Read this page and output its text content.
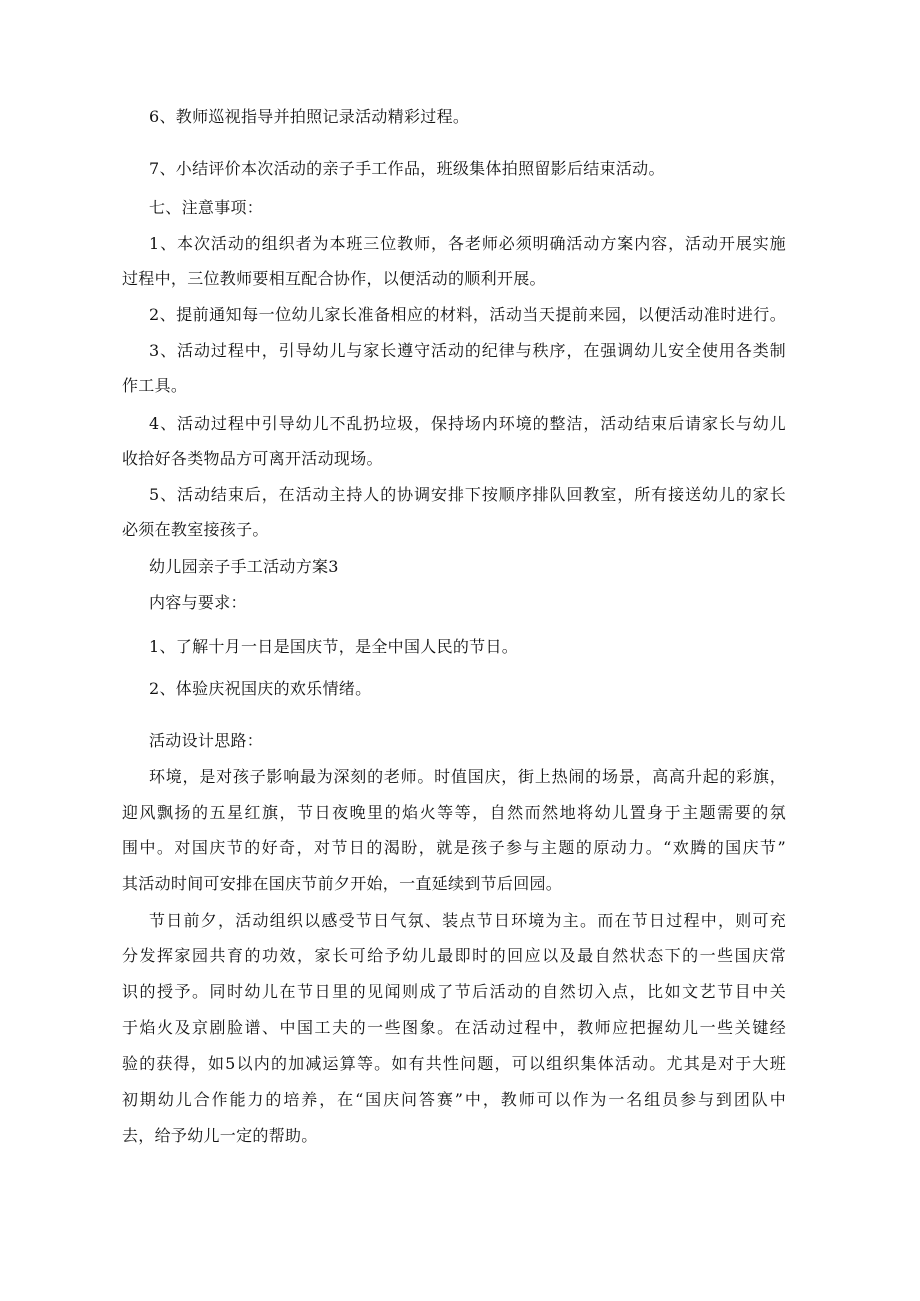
6、教师巡视指导并拍照记录活动精彩过程。
7、小结评价本次活动的亲子手工作品，班级集体拍照留影后结束活动。
七、注意事项：
1、本次活动的组织者为本班三位教师，各老师必须明确活动方案内容，活动开展实施
过程中，三位教师要相互配合协作，以便活动的顺利开展。
2、提前通知每一位幼儿家长准备相应的材料，活动当天提前来园，以便活动准时进行。
3、活动过程中，引导幼儿与家长遵守活动的纪律与秩序，在强调幼儿安全使用各类制
作工具。
4、活动过程中引导幼儿不乱扔垃圾，保持场内环境的整洁，活动结束后请家长与幼儿
收拾好各类物品方可离开活动现场。
5、活动结束后，在活动主持人的协调安排下按顺序排队回教室，所有接送幼儿的家长
必须在教室接孩子。
幼儿园亲子手工活动方案3
内容与要求：
1、了解十月一日是国庆节，是全中国人民的节日。
2、体验庆祝国庆的欢乐情绪。
活动设计思路：
环境，是对孩子影响最为深刻的老师。时值国庆，街上热闹的场景，高高升起的彩旗，
迎风飘扬的五星红旗，节日夜晚里的焰火等等，自然而然地将幼儿置身于主题需要的氛
围中。对国庆节的好奇，对节日的渴盼，就是孩子参与主题的原动力。“欢腾的国庆节”
其活动时间可安排在国庆节前夕开始，一直延续到节后回园。
节日前夕，活动组织以感受节日气氛、装点节日环境为主。而在节日过程中，则可充
分发挥家园共育的功效，家长可给予幼儿最即时的回应以及最自然状态下的一些国庆常
识的授予。同时幼儿在节日里的见闻则成了节后活动的自然切入点，比如文艺节目中关
于焰火及京剧脸谱、中国工夫的一些图象。在活动过程中，教师应把握幼儿一些关键经
验的获得，如5以内的加减运算等。如有共性问题，可以组织集体活动。尤其是对于大班
初期幼儿合作能力的培养，在“国庆问答赛”中，教师可以作为一名组员参与到团队中
去，给予幼儿一定的帮助。
